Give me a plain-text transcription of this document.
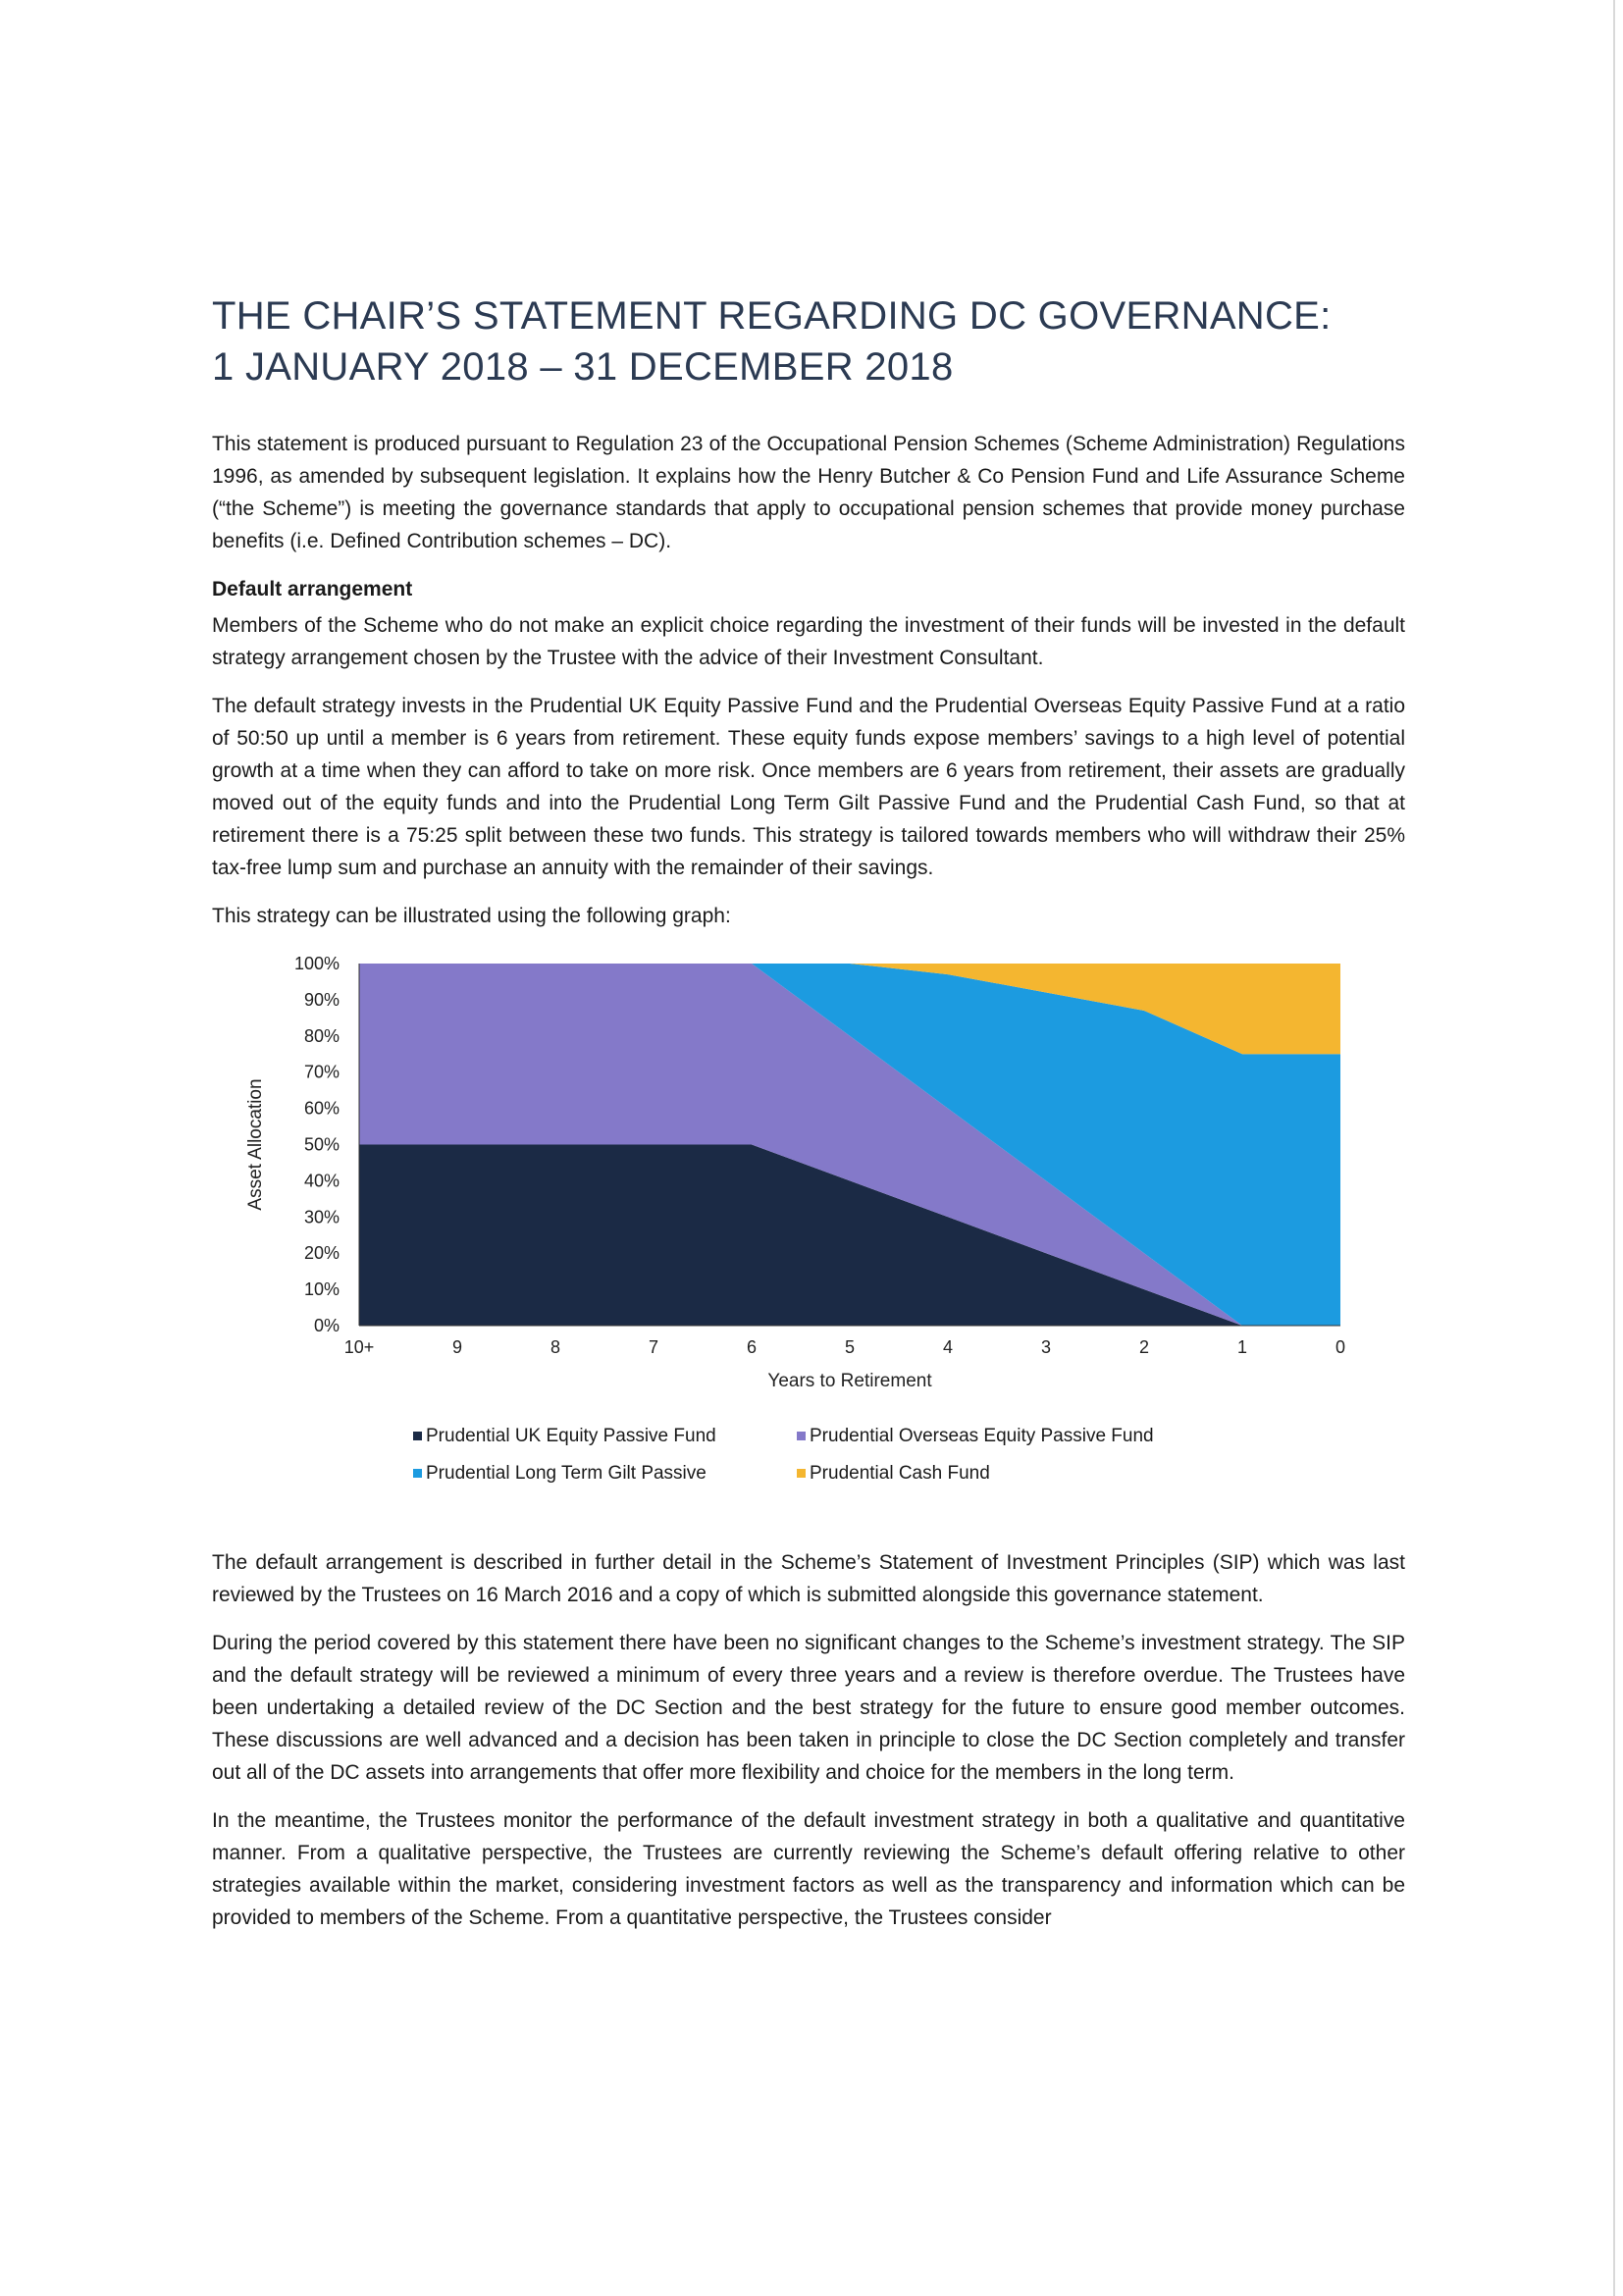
THE CHAIR’S STATEMENT REGARDING DC GOVERNANCE:
1 JANUARY 2018 – 31 DECEMBER 2018

This statement is produced pursuant to Regulation 23 of the Occupational Pension Schemes (Scheme Administration) Regulations 1996, as amended by subsequent legislation. It explains how the Henry Butcher & Co Pension Fund and Life Assurance Scheme (“the Scheme”) is meeting the governance standards that apply to occupational pension schemes that provide money purchase benefits (i.e. Defined Contribution schemes – DC).

Default arrangement

Members of the Scheme who do not make an explicit choice regarding the investment of their funds will be invested in the default strategy arrangement chosen by the Trustee with the advice of their Investment Consultant.

The default strategy invests in the Prudential UK Equity Passive Fund and the Prudential Overseas Equity Passive Fund at a ratio of 50:50 up until a member is 6 years from retirement. These equity funds expose members’ savings to a high level of potential growth at a time when they can afford to take on more risk. Once members are 6 years from retirement, their assets are gradually moved out of the equity funds and into the Prudential Long Term Gilt Passive Fund and the Prudential Cash Fund, so that at retirement there is a 75:25 split between these two funds. This strategy is tailored towards members who will withdraw their 25% tax-free lump sum and purchase an annuity with the remainder of their savings.

This strategy can be illustrated using the following graph:

0%
10%
20%
30%
40%
50%
60%
70%
80%
90%
100%
10+	9	8	7	6	5	4	3	2	1	0
Years to Retirement
Asset Allocation
Prudential UK Equity Passive Fund	Prudential Overseas Equity Passive Fund
Prudential Long Term Gilt Passive	Prudential Cash Fund

The default arrangement is described in further detail in the Scheme’s Statement of Investment Principles (SIP) which was last reviewed by the Trustees on 16 March 2016 and a copy of which is submitted alongside this governance statement.

During the period covered by this statement there have been no significant changes to the Scheme’s investment strategy. The SIP and the default strategy will be reviewed a minimum of every three years and a review is therefore overdue. The Trustees have been undertaking a detailed review of the DC Section and the best strategy for the future to ensure good member outcomes. These discussions are well advanced and a decision has been taken in principle to close the DC Section completely and transfer out all of the DC assets into arrangements that offer more flexibility and choice for the members in the long term.

In the meantime, the Trustees monitor the performance of the default investment strategy in both a qualitative and quantitative manner. From a qualitative perspective, the Trustees are currently reviewing the Scheme’s default offering relative to other strategies available within the market, considering investment factors as well as the transparency and information which can be provided to members of the Scheme. From a quantitative perspective, the Trustees consider
